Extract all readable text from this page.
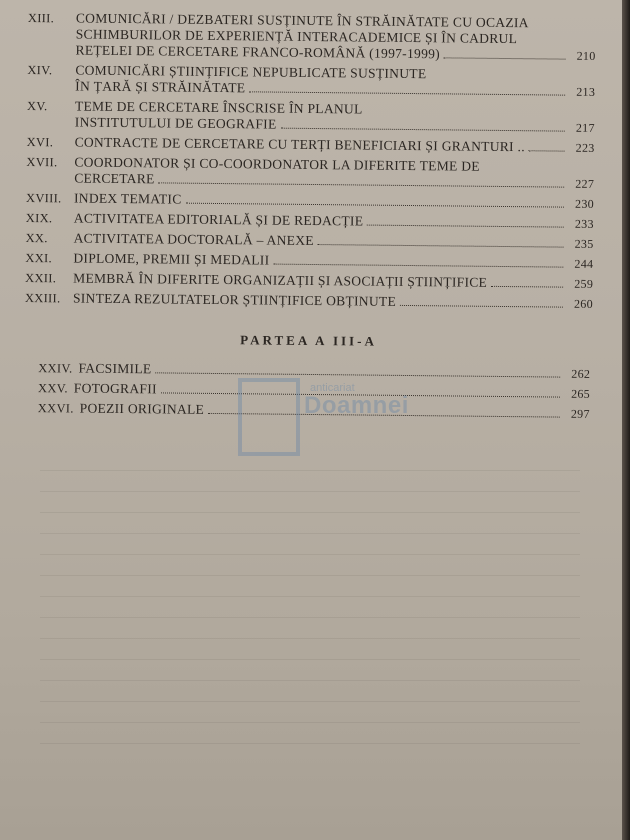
XIII.	COMUNICĂRI / DEZBATERI SUSȚINUTE ÎN STRĂINĂTATE CU OCAZIA
SCHIMBURILOR DE EXPERIENȚĂ INTERACADEMICE ȘI ÎN CADRUL
REȚELEI DE CERCETARE FRANCO-ROMÂNĂ (1997-1999)	210
XIV.	COMUNICĂRI ȘTIINȚIFICE NEPUBLICATE SUSȚINUTE
ÎN ȚARĂ ȘI STRĂINĂTATE	213
XV.	TEME DE CERCETARE ÎNSCRISE ÎN PLANUL
INSTITUTULUI DE GEOGRAFIE	217
XVI.	CONTRACTE DE CERCETARE CU TERȚI BENEFICIARI ȘI GRANTURI ..	223
XVII.	COORDONATOR ȘI CO-COORDONATOR LA DIFERITE TEME DE
CERCETARE	227
XVIII. INDEX TEMATIC	230
XIX.	ACTIVITATEA EDITORIALĂ ȘI DE REDACȚIE	233
XX.	ACTIVITATEA DOCTORALĂ – ANEXE	235
XXI.	DIPLOME, PREMII ȘI MEDALII	244
XXII.	MEMBRĂ ÎN DIFERITE ORGANIZAȚII ȘI ASOCIAȚII ȘTIINȚIFICE	259
XXIII. SINTEZA REZULTATELOR ȘTIINȚIFICE OBȚINUTE	260
PARTEA A III-A
XXIV. FACSIMILE	262
XXV. FOTOGRAFII	265
XXVI. POEZII ORIGINALE	297
anticariat
Doamnei
